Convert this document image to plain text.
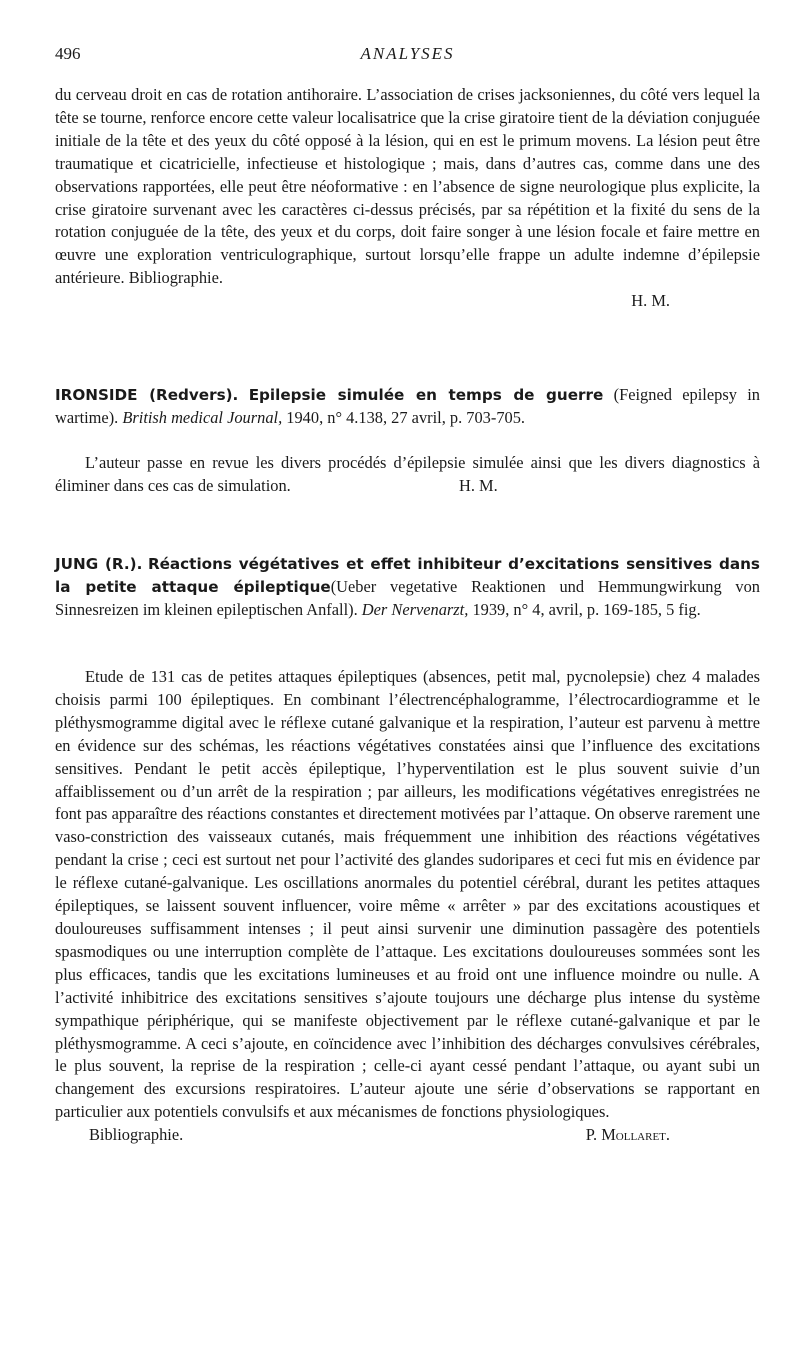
496	ANALYSES

du cerveau droit en cas de rotation antihoraire. L’association de crises jacksoniennes, du côté vers lequel la tête se tourne, renforce encore cette valeur localisatrice que la crise giratoire tient de la déviation conjuguée initiale de la tête et des yeux du côté opposé à la lésion, qui en est le primum movens. La lésion peut être traumatique et cicatricielle, infectieuse et histologique ; mais, dans d’autres cas, comme dans une des observations rapportées, elle peut être néoformative : en l’absence de signe neurologique plus explicite, la crise giratoire survenant avec les caractères ci-dessus précisés, par sa répétition et la fixité du sens de la rotation conjuguée de la tête, des yeux et du corps, doit faire songer à une lésion focale et faire mettre en œuvre une exploration ventriculographique, surtout lorsqu’elle frappe un adulte indemne d’épilepsie antérieure. Bibliographie.

H. M.

IRONSIDE (Redvers). Epilepsie simulée en temps de guerre (Feigned epilepsy in wartime). British medical Journal, 1940, n° 4.138, 27 avril, p. 703-705.

L’auteur passe en revue les divers procédés d’épilepsie simulée ainsi que les divers diagnostics à éliminer dans ces cas de simulation.	H. M.

JUNG (R.). Réactions végétatives et effet inhibiteur d’excitations sensitives dans la petite attaque épileptique(Ueber vegetative Reaktionen und Hemmungwirkung von Sinnesreizen im kleinen epileptischen Anfall). Der Nervenarzt, 1939, n° 4, avril, p. 169-185, 5 fig.

Etude de 131 cas de petites attaques épileptiques (absences, petit mal, pycnolepsie) chez 4 malades choisis parmi 100 épileptiques. En combinant l’électrencéphalogramme, l’électrocardiogramme et le pléthysmogramme digital avec le réflexe cutané galvanique et la respiration, l’auteur est parvenu à mettre en évidence sur des schémas, les réactions végétatives constatées ainsi que l’influence des excitations sensitives. Pendant le petit accès épileptique, l’hyperventilation est le plus souvent suivie d’un affaiblissement ou d’un arrêt de la respiration ; par ailleurs, les modifications végétatives enregistrées ne font pas apparaître des réactions constantes et directement motivées par l’attaque. On observe rarement une vaso-constriction des vaisseaux cutanés, mais fréquemment une inhibition des réactions végétatives pendant la crise ; ceci est surtout net pour l’activité des glandes sudoripares et ceci fut mis en évidence par le réflexe cutané-galvanique. Les oscillations anormales du potentiel cérébral, durant les petites attaques épileptiques, se laissent souvent influencer, voire même « arrêter » par des excitations acoustiques et douloureuses suffisamment intenses ; il peut ainsi survenir une diminution passagère des potentiels spasmodiques ou une interruption complète de l’attaque. Les excitations douloureuses sommées sont les plus efficaces, tandis que les excitations lumineuses et au froid ont une influence moindre ou nulle. A l’activité inhibitrice des excitations sensitives s’ajoute toujours une décharge plus intense du système sympathique périphérique, qui se manifeste objectivement par le réflexe cutané-galvanique et par le pléthysmogramme. A ceci s’ajoute, en coïncidence avec l’inhibition des décharges convulsives cérébrales, le plus souvent, la reprise de la respiration ; celle-ci ayant cessé pendant l’attaque, ou ayant subi un changement des excursions respiratoires. L’auteur ajoute une série d’observations se rapportant en particulier aux potentiels convulsifs et aux mécanismes de fonctions physiologiques.

Bibliographie.	P. Mollaret.
